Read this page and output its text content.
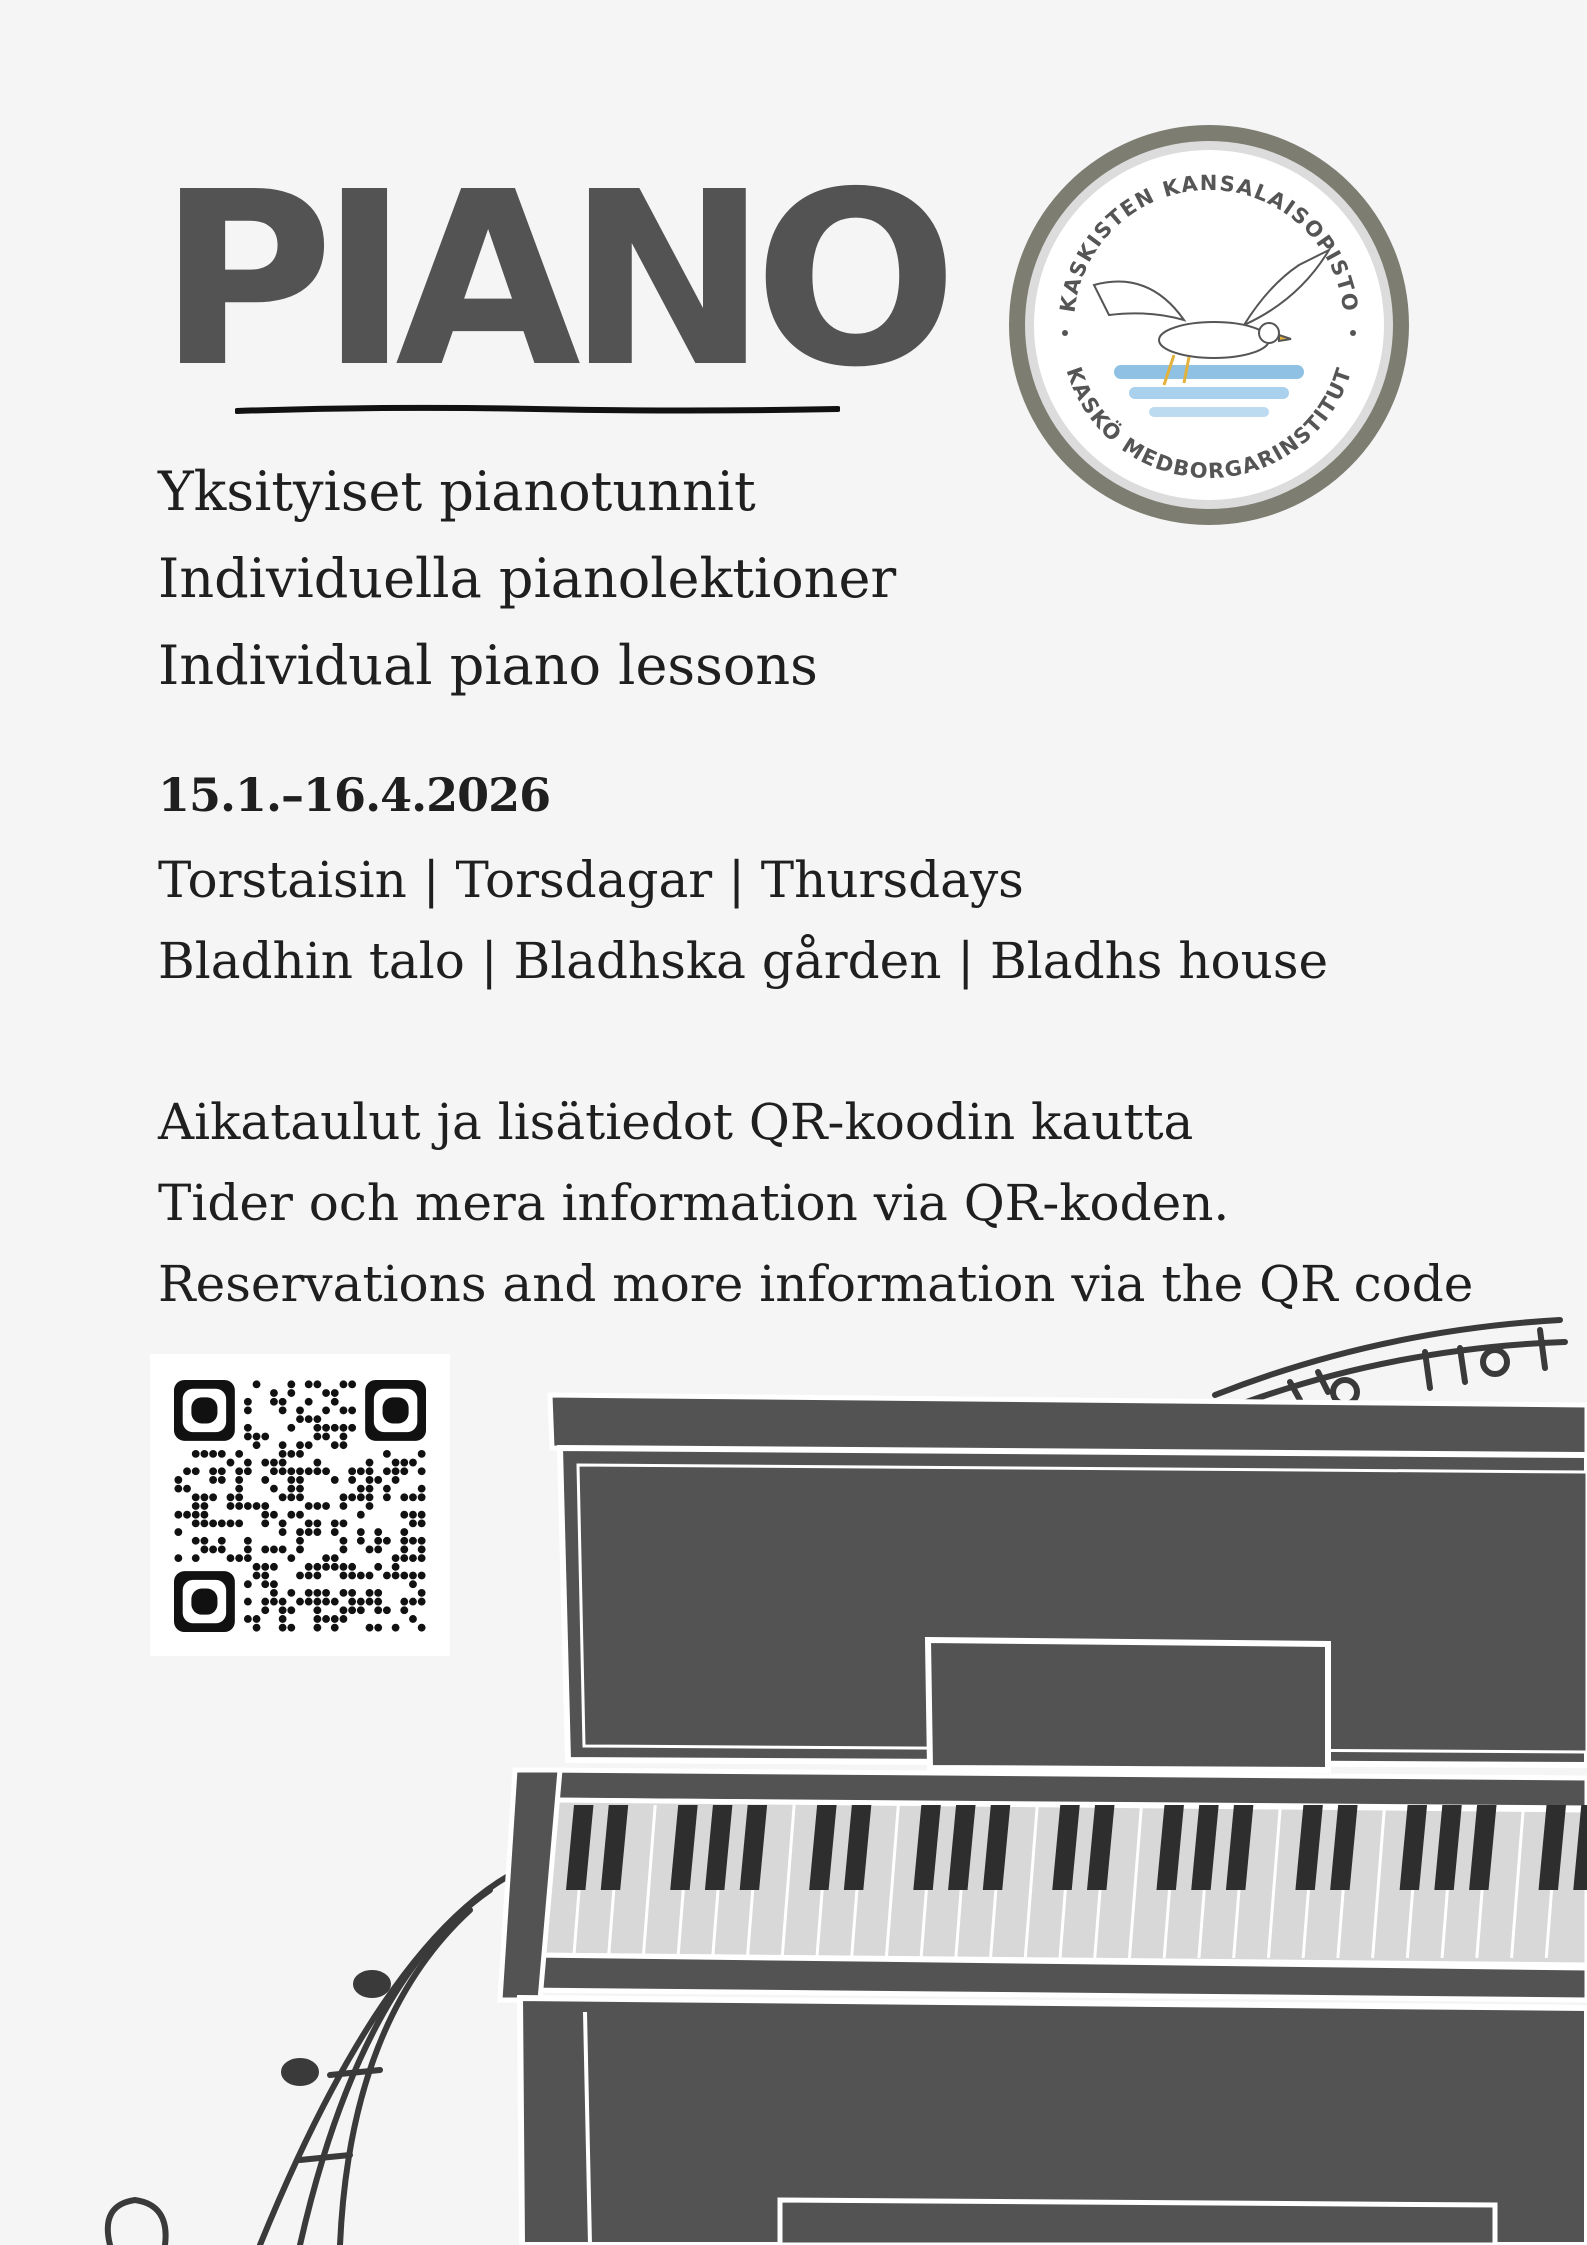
PIANO
Yksityiset pianotunnit
Individuella pianolektioner
Individual piano lessons
15.1.–16.4.2026
Torstaisin | Torsdagar | Thursdays
Bladhin talo | Bladhska gården | Bladhs house
Aikataulut ja lisätiedot QR-koodin kautta
Tider och mera information via QR-koden.
Reservations and more information via the QR code
KASKISTEN KANSALAISOPISTO
KASKÖ MEDBORGARINSTITUT
